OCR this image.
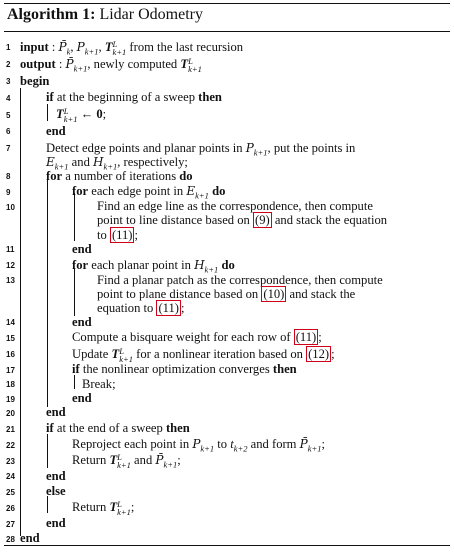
Algorithm 1: Lidar Odometry
1
2
3
4
5
6
7
8
9
10
11
12
13
14
15
16
17
18
19
20
21
22
23
24
25
26
27
28
input : $P̄_k$, $P_{k+1}$, T L
k+1 from the last recursion
output : $P̄_{k+1}$, newly computed T L
k+1
begin
if at the beginning of a sweep then
T L
k+1 ← 0;
end
Detect edge points and planar points in $P_{k+1}$, put the points in
$E_{k+1}$ and $H_{k+1}$, respectively;
for a number of iterations do
for each edge point in $E_{k+1}$ do
Find an edge line as the correspondence, then compute
point to line distance based on (9) and stack the equation
to (11) ;
end
for each planar point in $H_{k+1}$ do
Find a planar patch as the correspondence, then compute
point to plane distance based on (10) and stack the
equation to (11) ;
end
Compute a bisquare weight for each row of (11) ;
Update T L
k+1 for a nonlinear iteration based on (12) ;
if the nonlinear optimization converges then
Break;
end
end
if at the end of a sweep then
Reproject each point in $P_{k+1}$ to $t_{k+2}$ and form $P̄_{k+1}$;
Return T L
k+1 and $P̄_{k+1}$;
end
else
Return T L
k+1 ;
end
end
